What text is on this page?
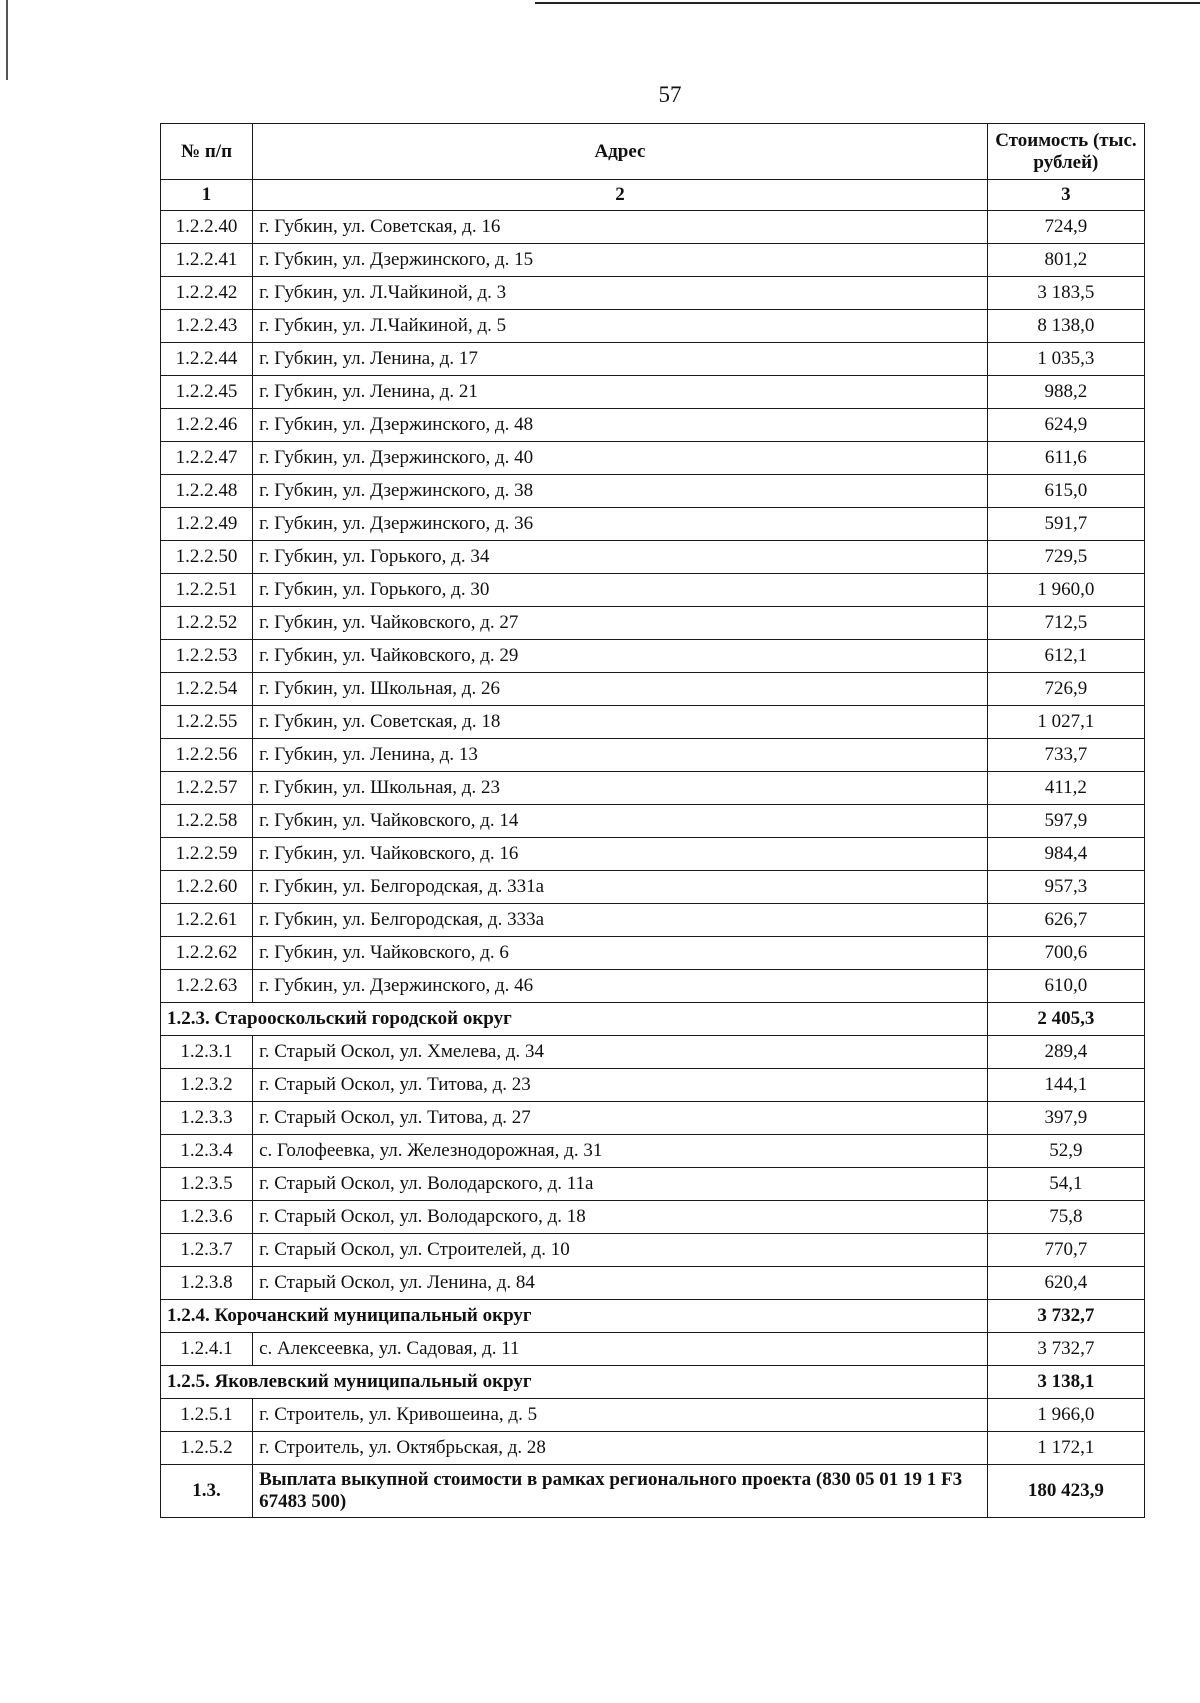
57
№ п/п	Адрес	Стоимость (тыс. рублей)
1	2	3
1.2.2.40	г. Губкин, ул. Советская, д. 16	724,9
1.2.2.41	г. Губкин, ул. Дзержинского, д. 15	801,2
1.2.2.42	г. Губкин, ул. Л.Чайкиной, д. 3	3 183,5
1.2.2.43	г. Губкин, ул. Л.Чайкиной, д. 5	8 138,0
1.2.2.44	г. Губкин, ул. Ленина, д. 17	1 035,3
1.2.2.45	г. Губкин, ул. Ленина, д. 21	988,2
1.2.2.46	г. Губкин, ул. Дзержинского, д. 48	624,9
1.2.2.47	г. Губкин, ул. Дзержинского, д. 40	611,6
1.2.2.48	г. Губкин, ул. Дзержинского, д. 38	615,0
1.2.2.49	г. Губкин, ул. Дзержинского, д. 36	591,7
1.2.2.50	г. Губкин, ул. Горького, д. 34	729,5
1.2.2.51	г. Губкин, ул. Горького, д. 30	1 960,0
1.2.2.52	г. Губкин, ул. Чайковского, д. 27	712,5
1.2.2.53	г. Губкин, ул. Чайковского, д. 29	612,1
1.2.2.54	г. Губкин, ул. Школьная, д. 26	726,9
1.2.2.55	г. Губкин, ул. Советская, д. 18	1 027,1
1.2.2.56	г. Губкин, ул. Ленина, д. 13	733,7
1.2.2.57	г. Губкин, ул. Школьная, д. 23	411,2
1.2.2.58	г. Губкин, ул. Чайковского, д. 14	597,9
1.2.2.59	г. Губкин, ул. Чайковского, д. 16	984,4
1.2.2.60	г. Губкин, ул. Белгородская, д. 331а	957,3
1.2.2.61	г. Губкин, ул. Белгородская, д. 333а	626,7
1.2.2.62	г. Губкин, ул. Чайковского, д. 6	700,6
1.2.2.63	г. Губкин, ул. Дзержинского, д. 46	610,0
1.2.3. Старооскольский городской округ		2 405,3
1.2.3.1	г. Старый Оскол, ул. Хмелева, д. 34	289,4
1.2.3.2	г. Старый Оскол, ул. Титова, д. 23	144,1
1.2.3.3	г. Старый Оскол, ул. Титова, д. 27	397,9
1.2.3.4	с. Голофеевка, ул. Железнодорожная, д. 31	52,9
1.2.3.5	г. Старый Оскол, ул. Володарского, д. 11а	54,1
1.2.3.6	г. Старый Оскол, ул. Володарского, д. 18	75,8
1.2.3.7	г. Старый Оскол, ул. Строителей, д. 10	770,7
1.2.3.8	г. Старый Оскол, ул. Ленина, д. 84	620,4
1.2.4. Корочанский муниципальный округ		3 732,7
1.2.4.1	с. Алексеевка, ул. Садовая, д. 11	3 732,7
1.2.5. Яковлевский муниципальный округ		3 138,1
1.2.5.1	г. Строитель, ул. Кривошеина, д. 5	1 966,0
1.2.5.2	г. Строитель, ул. Октябрьская, д. 28	1 172,1
1.3.	Выплата выкупной стоимости в рамках регионального проекта (830 05 01 19 1 F3 67483 500)	180 423,9
